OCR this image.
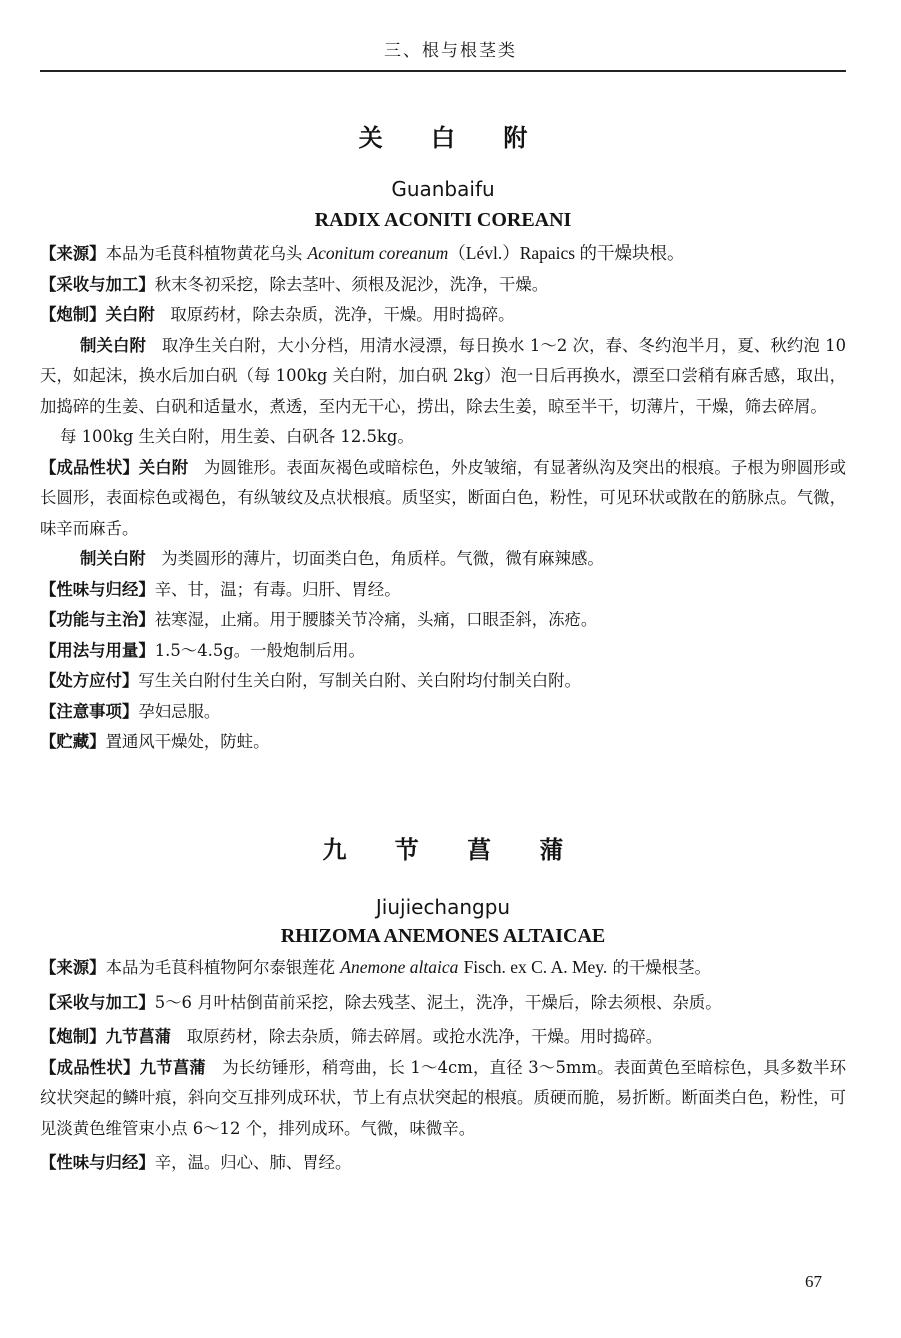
三、根与根茎类
关 白 附

Guanbaifu

RADIX ACONITI COREANI

【来源】本品为毛茛科植物黄花乌头 Aconitum coreanum（Lévl.）Rapaics 的干燥块根。

【采收与加工】秋末冬初采挖，除去茎叶、须根及泥沙，洗净，干燥。

【炮制】关白附 取原药材，除去杂质，洗净，干燥。用时捣碎。

制关白附 取净生关白附，大小分档，用清水浸漂，每日换水 1～2 次，春、冬约泡半月，夏、秋约泡 10 天，如起沫，换水后加白矾（每 100kg 关白附，加白矾 2kg）泡一日后再换水，漂至口尝稍有麻舌感，取出，加捣碎的生姜、白矾和适量水，煮透，至内无干心，捞出，除去生姜，晾至半干，切薄片，干燥，筛去碎屑。

每 100kg 生关白附，用生姜、白矾各 12.5kg。

【成品性状】关白附 为圆锥形。表面灰褐色或暗棕色，外皮皱缩，有显著纵沟及突出的根痕。子根为卵圆形或长圆形，表面棕色或褐色，有纵皱纹及点状根痕。质坚实，断面白色，粉性，可见环状或散在的筋脉点。气微，味辛而麻舌。

制关白附 为类圆形的薄片，切面类白色，角质样。气微，微有麻辣感。

【性味与归经】辛、甘，温；有毒。归肝、胃经。

【功能与主治】祛寒湿，止痛。用于腰膝关节冷痛，头痛，口眼歪斜，冻疮。

【用法与用量】1.5～4.5g。一般炮制后用。

【处方应付】写生关白附付生关白附，写制关白附、关白附均付制关白附。

【注意事项】孕妇忌服。

【贮藏】置通风干燥处，防蛀。

九 节 菖 蒲

Jiujiechangpu

RHIZOMA ANEMONES ALTAICAE

【来源】本品为毛茛科植物阿尔泰银莲花 Anemone altaica Fisch. ex C. A. Mey. 的干燥根茎。

【采收与加工】5～6 月叶枯倒苗前采挖，除去残茎、泥土，洗净，干燥后，除去须根、杂质。

【炮制】九节菖蒲 取原药材，除去杂质，筛去碎屑。或抢水洗净，干燥。用时捣碎。

【成品性状】九节菖蒲 为长纺锤形，稍弯曲，长 1～4cm，直径 3～5mm。表面黄色至暗棕色，具多数半环纹状突起的鳞叶痕，斜向交互排列成环状，节上有点状突起的根痕。质硬而脆，易折断。断面类白色，粉性，可见淡黄色维管束小点 6～12 个，排列成环。气微，味微辛。

【性味与归经】辛，温。归心、肺、胃经。

67
